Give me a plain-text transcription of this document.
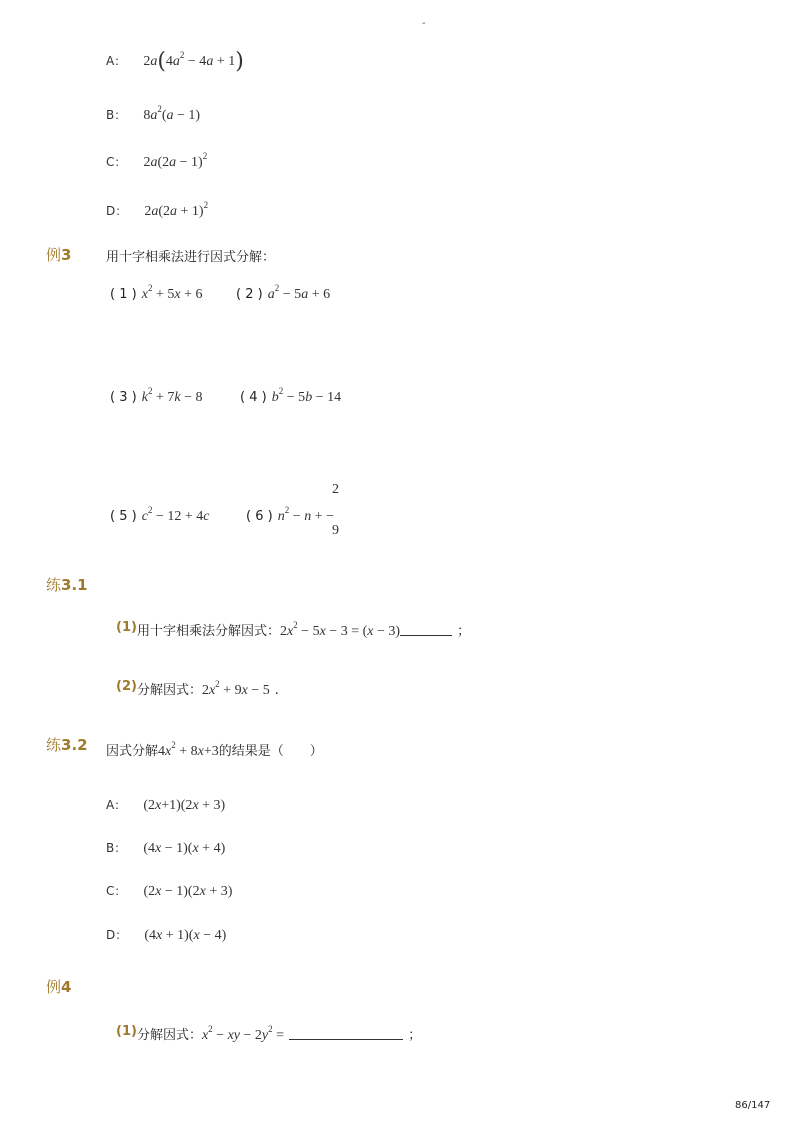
-
A： $2a(4a^2 - 4a + 1)$
B： $8a^2(a - 1)$
C： $2a(2a - 1)^2$
D： $2a(2a + 1)^2$
例3	用十字相乘法进行因式分解：
( 1 ) $x^2 + 5x + 6$	( 2 ) $a^2 - 5a + 6$
( 3 ) $k^2 + 7k - 8$	( 4 ) $b^2 - 5b - 14$
( 5 ) $c^2 - 12 + 4c$	( 6 ) $n^2 - n$ + −
2
9
练3.1
$^{(1)}$用十字相乘法分解因式：$2x^2 - 5x - 3 = (x - 3)$	；
$^{(2)}$分解因式：$2x^2 + 9x - 5$ .
练3.2 因式分解$4x^2 + 8x+3$的结果是（　　）
A： (2x+1)(2x + 3)
B： (4x − 1)(x + 4)
C： (2x − 1)(2x + 3)
D： (4x + 1)(x − 4)
例4
$^{(1)}$分解因式：$x^2$ − xy − $2y^2$ =	；
86/147
